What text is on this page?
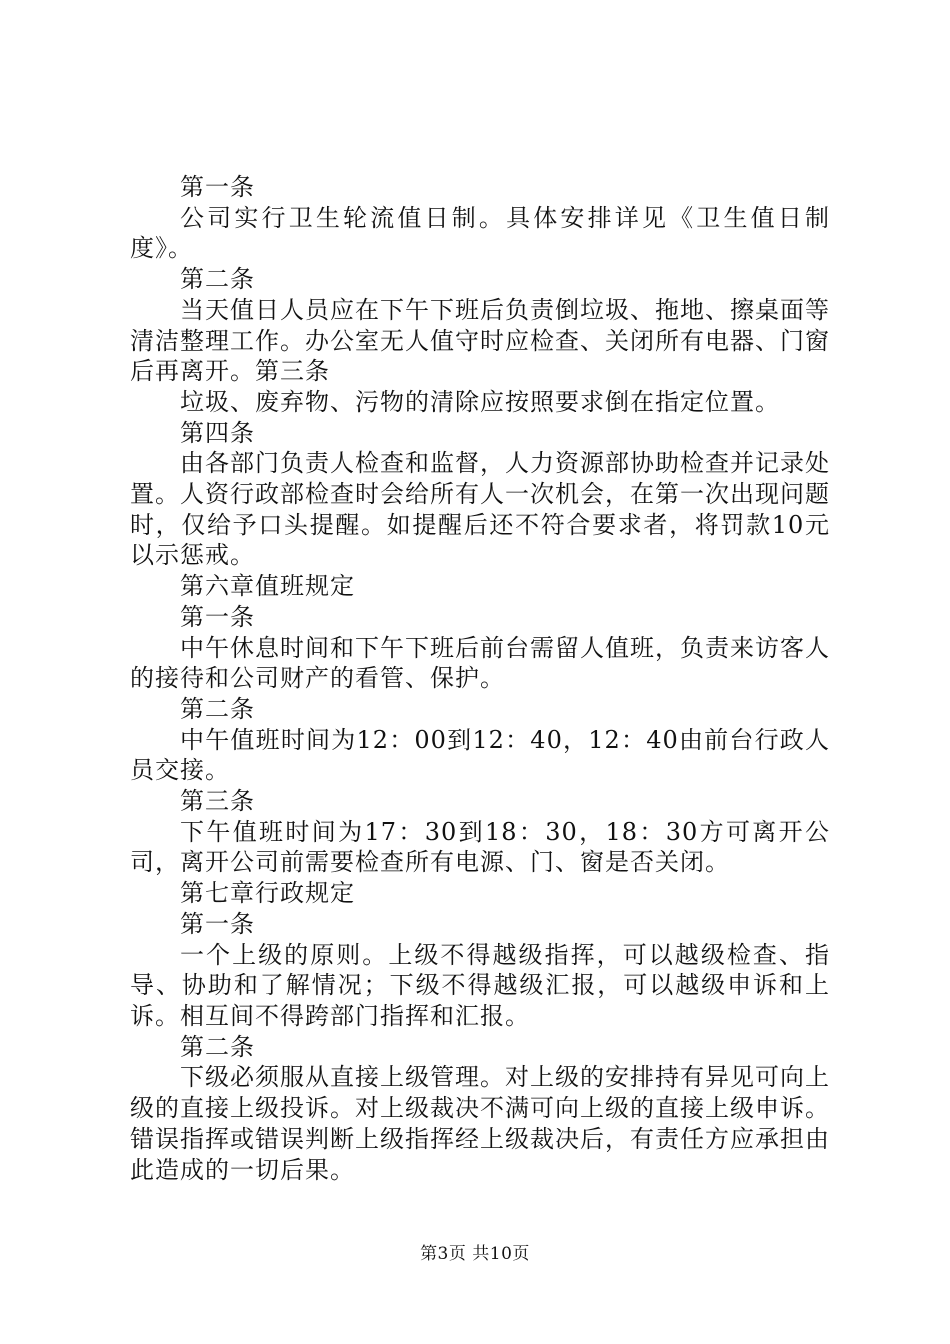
第一条

公司实行卫生轮流值日制。具体安排详见《卫生值日制度》。

第二条

当天值日人员应在下午下班后负责倒垃圾、拖地、擦桌面等清洁整理工作。办公室无人值守时应检查、关闭所有电器、门窗后再离开。第三条

垃圾、废弃物、污物的清除应按照要求倒在指定位置。

第四条

由各部门负责人检查和监督，人力资源部协助检查并记录处置。人资行政部检查时会给所有人一次机会，在第一次出现问题时，仅给予口头提醒。如提醒后还不符合要求者，将罚款10元以示惩戒。

第六章值班规定

第一条

中午休息时间和下午下班后前台需留人值班，负责来访客人的接待和公司财产的看管、保护。

第二条

中午值班时间为12：00到12：40，12：40由前台行政人员交接。

第三条

下午值班时间为17：30到18：30，18：30方可离开公司，离开公司前需要检查所有电源、门、窗是否关闭。

第七章行政规定

第一条

一个上级的原则。上级不得越级指挥，可以越级检查、指导、协助和了解情况；下级不得越级汇报，可以越级申诉和上诉。相互间不得跨部门指挥和汇报。

第二条

下级必须服从直接上级管理。对上级的安排持有异见可向上级的直接上级投诉。对上级裁决不满可向上级的直接上级申诉。错误指挥或错误判断上级指挥经上级裁决后，有责任方应承担由此造成的一切后果。

第3页 共10页
